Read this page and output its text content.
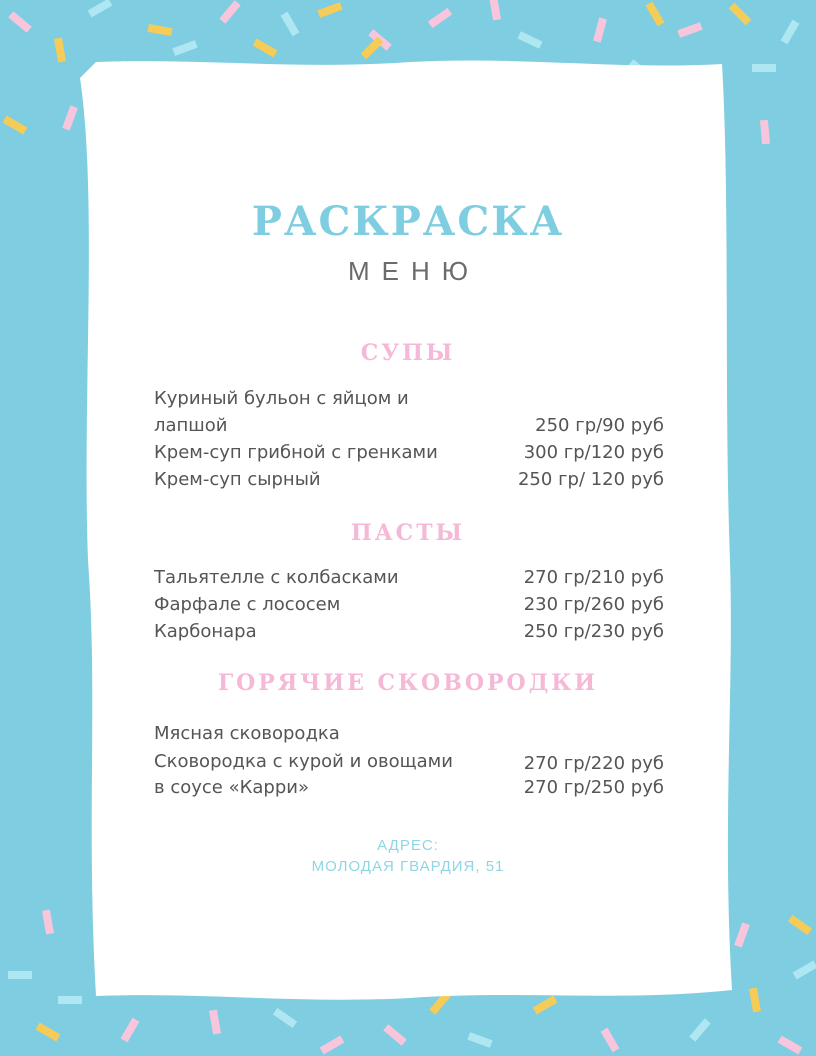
РАСКРАСКА
МЕНЮ
СУПЫ
Куриный бульон с яйцом и
лапшой	250 гр/90 руб
Крем-суп грибной с гренками	300 гр/120 руб
Крем-суп сырный	250 гр/ 120 руб
ПАСТЫ
Тальятелле с колбасками	270 гр/210 руб
Фарфале с лососем	230 гр/260 руб
Карбонара	250 гр/230 руб
ГОРЯЧИЕ СКОВОРОДКИ
Мясная сковородка
Сковородка с курой и овощами	270 гр/220 руб
в соусе «Карри»	270 гр/250 руб
АДРЕС:
МОЛОДАЯ ГВАРДИЯ, 51
